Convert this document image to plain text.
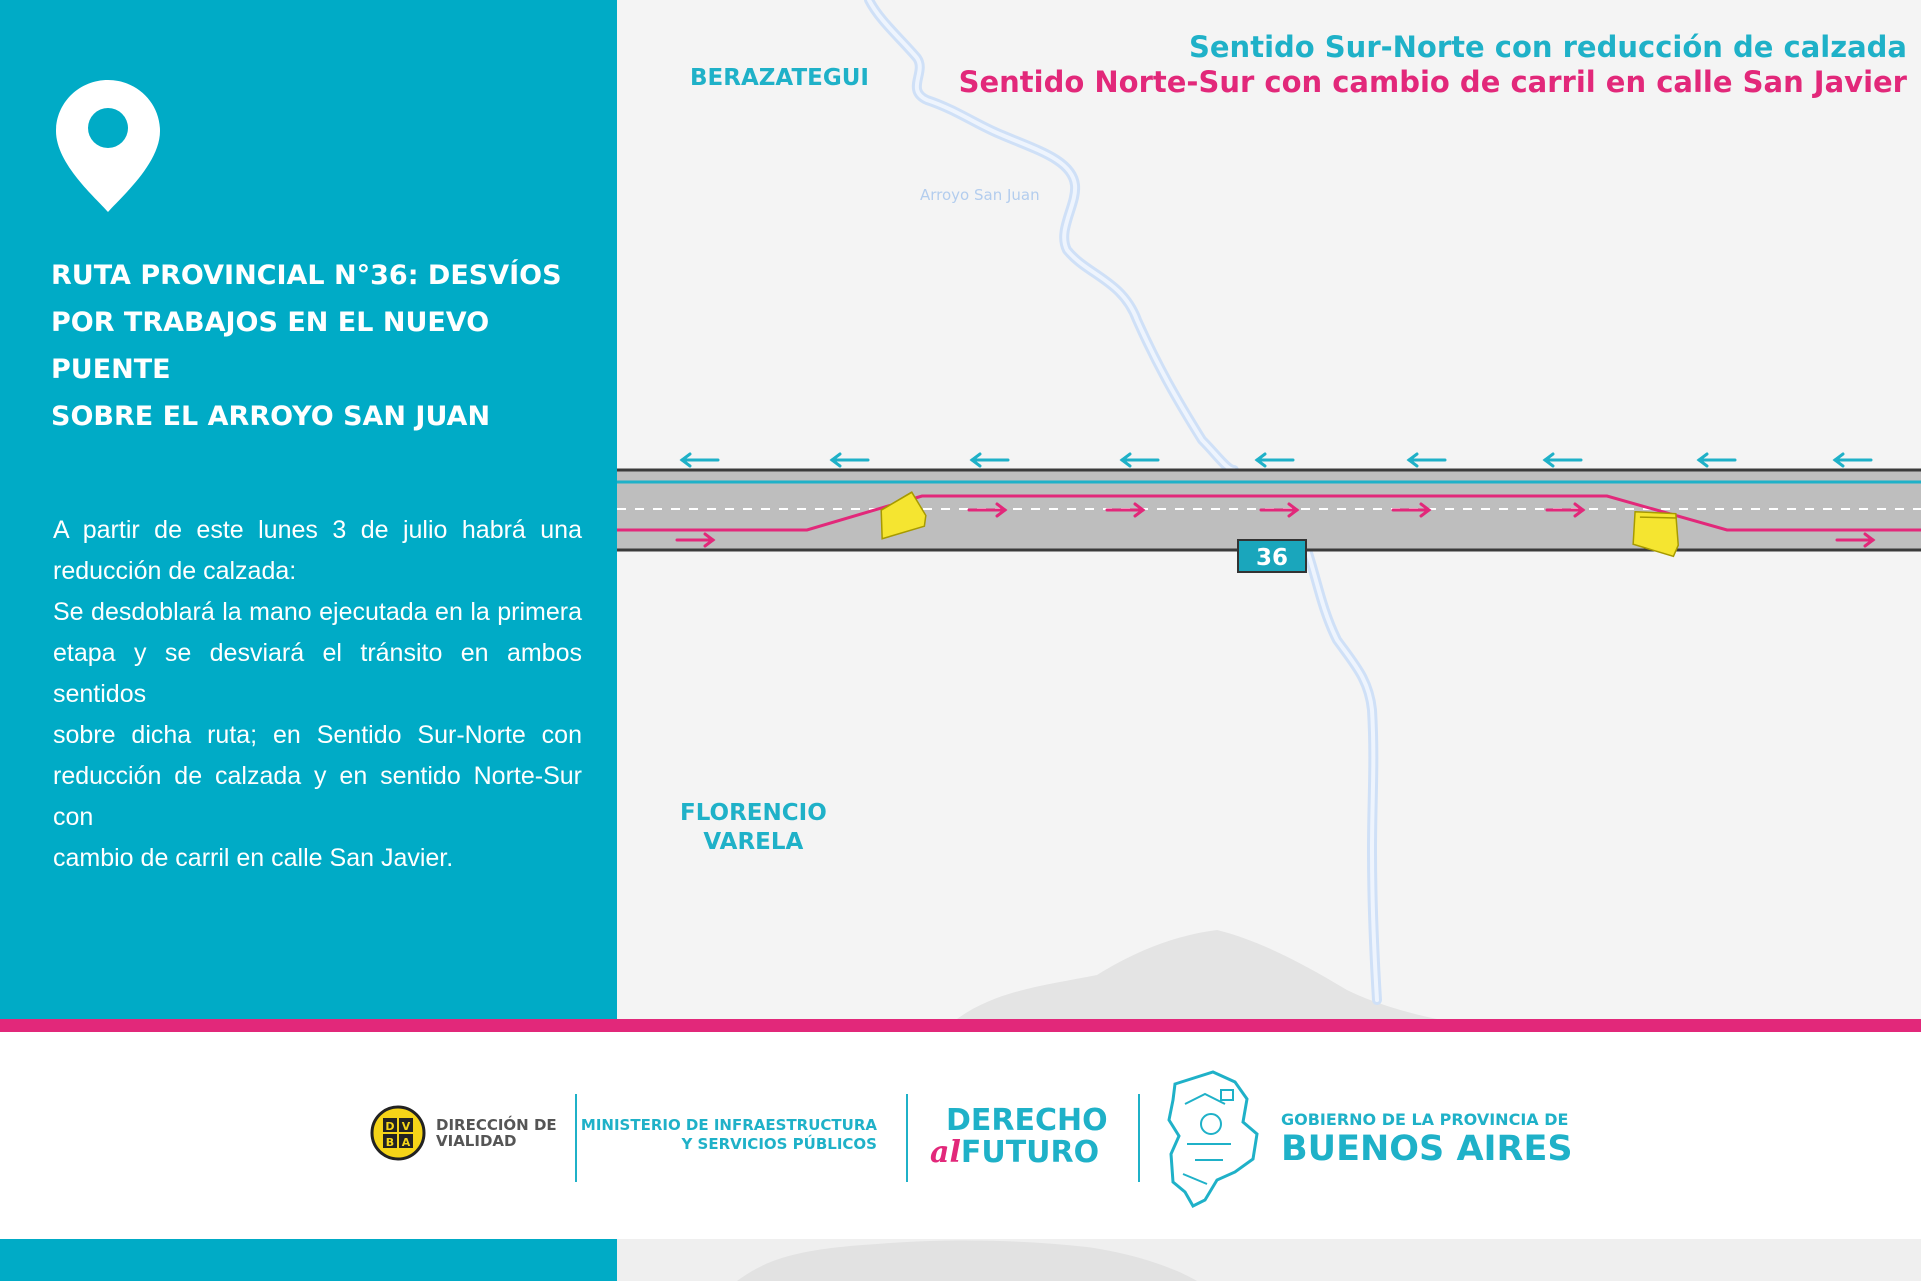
RUTA PROVINCIAL N°36: DESVÍOS
POR TRABAJOS EN EL NUEVO PUENTE
SOBRE EL ARROYO SAN JUAN

A partir de este lunes 3 de julio habrá una
reducción de calzada:
Se desdoblará la mano ejecutada en la primera
etapa y se desviará el tránsito en ambos sentidos
sobre dicha ruta; en Sentido Sur-Norte con
reducción de calzada y en sentido Norte-Sur con
cambio de carril en calle San Javier.

36
Sentido Sur-Norte con reducción de calzada
Sentido Norte-Sur con cambio de carril en calle San Javier
BERAZATEGUI
FLORENCIO
VARELA
Arroyo San Juan
D V
B A
DIRECCIÓN DE
VIALIDAD
MINISTERIO DE INFRAESTRUCTURA
Y SERVICIOS PÚBLICOS
DERECHO
alFUTURO
GOBIERNO DE LA PROVINCIA DE
BUENOS AIRES
